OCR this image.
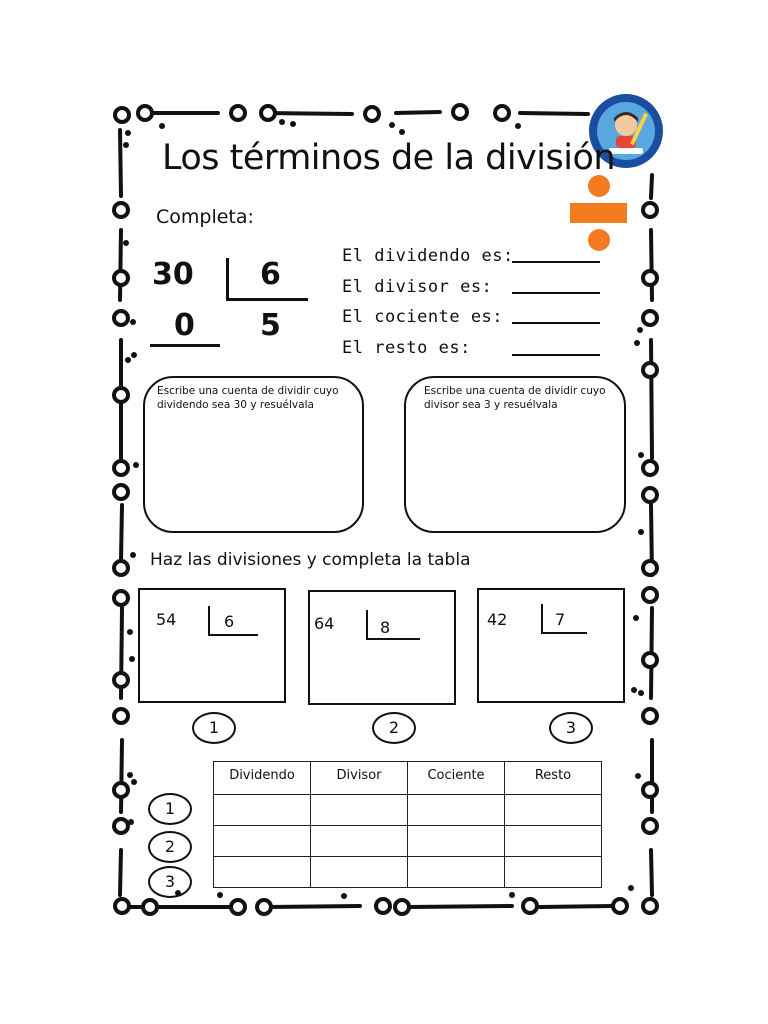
Los términos de la división
Completa:
30 6
0 5
El dividendo es:
El divisor es:
El cociente es:
El resto es:
Escribe una cuenta de dividir cuyo dividendo sea 30 y resuélvala
Escribe una cuenta de dividir cuyo divisor sea 3 y resuélvala
Haz las divisiones y completa la tabla
54	6	64	8	42	7
1	2	3
Dividendo	Divisor	Cociente	Resto

1
2
3
